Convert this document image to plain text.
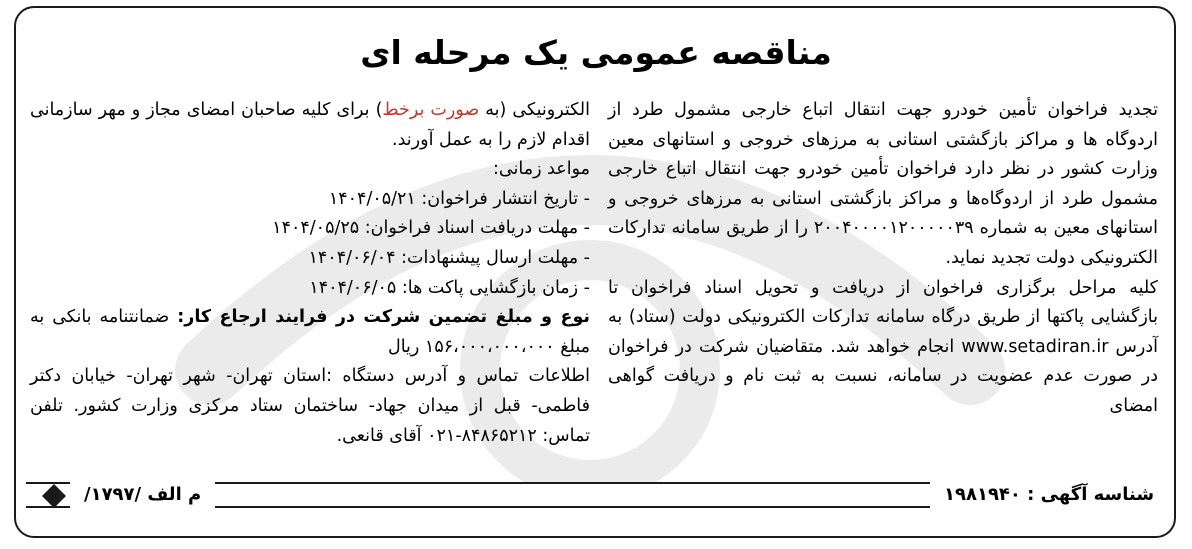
مناقصه عمومی یک مرحله ای

تجدید فراخوان تأمین خودرو جهت انتقال اتباع خارجی مشمول طرد از اردوگاه ها و مراکز بازگشتی استانی به مرزهای خروجی و استانهای معین وزارت کشور در نظر دارد فراخوان تأمین خودرو جهت انتقال اتباع خارجی مشمول طرد از اردوگاه‌ها و مراکز بازگشتی استانی به مرزهای خروجی و استانهای معین به شماره ۲۰۰۴۰۰۰۰۱۲۰۰۰۰۰۳۹ را از طریق سامانه تدارکات الکترونیکی دولت تجدید نماید.

کلیه مراحل برگزاری فراخوان از دریافت و تحویل اسناد فراخوان تا بازگشایی پاکتها از طریق درگاه سامانه تدارکات الکترونیکی دولت (ستاد) به آدرس www.setadiran.ir انجام خواهد شد. متقاضیان شرکت در فراخوان در صورت عدم عضویت در سامانه، نسبت به ثبت نام و دریافت گواهی امضای

الکترونیکی (به صورت برخط) برای کلیه صاحبان امضای مجاز و مهر سازمانی اقدام لازم را به عمل آورند.

مواعد زمانی:

- تاریخ انتشار فراخوان: ۱۴۰۴/۰۵/۲۱

- مهلت دریافت اسناد فراخوان: ۱۴۰۴/۰۵/۲۵

- مهلت ارسال پیشنهادات: ۱۴۰۴/۰۶/۰۴

- زمان بازگشایی پاکت ها: ۱۴۰۴/۰۶/۰۵

نوع و مبلغ تضمین شرکت در فرایند ارجاع کار: ضمانتنامه بانکی به مبلغ ۱۵۶،۰۰۰،۰۰۰،۰۰۰ ریال

اطلاعات تماس و آدرس دستگاه :استان تهران- شهر تهران- خیابان دکتر فاطمی- قبل از میدان جهاد- ساختمان ستاد مرکزی وزارت کشور. تلفن تماس: ۸۴۸۶۵۲۱۲-۰۲۱ آقای قانعی.

شناسه آگهی : ۱۹۸۱۹۴۰
م الف /۱۷۹۷/
